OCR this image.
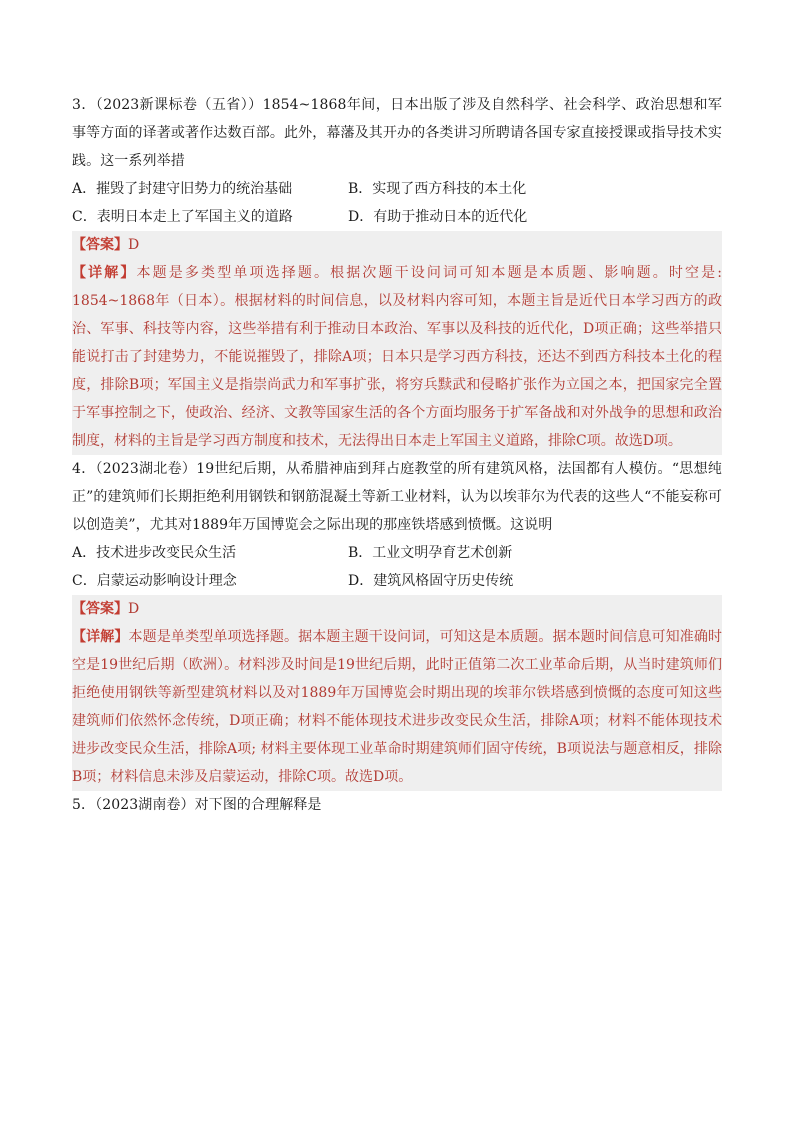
3．（2023新课标卷（五省））1854~1868年间，日本出版了涉及自然科学、社会科学、政治思想和军事等方面的译著或著作达数百部。此外，幕藩及其开办的各类讲习所聘请各国专家直接授课或指导技术实践。这一系列举措

A．摧毁了封建守旧势力的统治基础	B．实现了西方科技的本土化
C．表明日本走上了军国主义的道路	D．有助于推动日本的近代化

【答案】D

【详解】本题是多类型单项选择题。根据次题干设问词可知本题是本质题、影响题。时空是: 1854~1868年（日本）。根据材料的时间信息，以及材料内容可知，本题主旨是近代日本学习西方的政治、军事、科技等内容，这些举措有利于推动日本政治、军事以及科技的近代化，D项正确；这些举措只能说打击了封建势力，不能说摧毁了，排除A项；日本只是学习西方科技，还达不到西方科技本土化的程度，排除B项；军国主义是指崇尚武力和军事扩张，将穷兵黩武和侵略扩张作为立国之本，把国家完全置于军事控制之下，使政治、经济、文教等国家生活的各个方面均服务于扩军备战和对外战争的思想和政治制度，材料的主旨是学习西方制度和技术，无法得出日本走上军国主义道路，排除C项。故选D项。

4．（2023湖北卷）19世纪后期，从希腊神庙到拜占庭教堂的所有建筑风格，法国都有人模仿。“思想纯正”的建筑师们长期拒绝利用钢铁和钢筋混凝土等新工业材料，认为以埃菲尔为代表的这些人“不能妄称可以创造美”，尤其对1889年万国博览会之际出现的那座铁塔感到愤慨。这说明

A．技术进步改变民众生活	B．工业文明孕育艺术创新
C．启蒙运动影响设计理念	D．建筑风格固守历史传统

【答案】D

【详解】本题是单类型单项选择题。据本题主题干设问词，可知这是本质题。据本题时间信息可知准确时空是19世纪后期（欧洲）。材料涉及时间是19世纪后期，此时正值第二次工业革命后期，从当时建筑师们拒绝使用钢铁等新型建筑材料以及对1889年万国博览会时期出现的埃菲尔铁塔感到愤慨的态度可知这些建筑师们依然怀念传统，D项正确；材料不能体现技术进步改变民众生活，排除A项；材料不能体现技术进步改变民众生活，排除A项; 材料主要体现工业革命时期建筑师们固守传统，B项说法与题意相反，排除B项；材料信息未涉及启蒙运动，排除C项。故选D项。

5．（2023湖南卷）对下图的合理解释是
